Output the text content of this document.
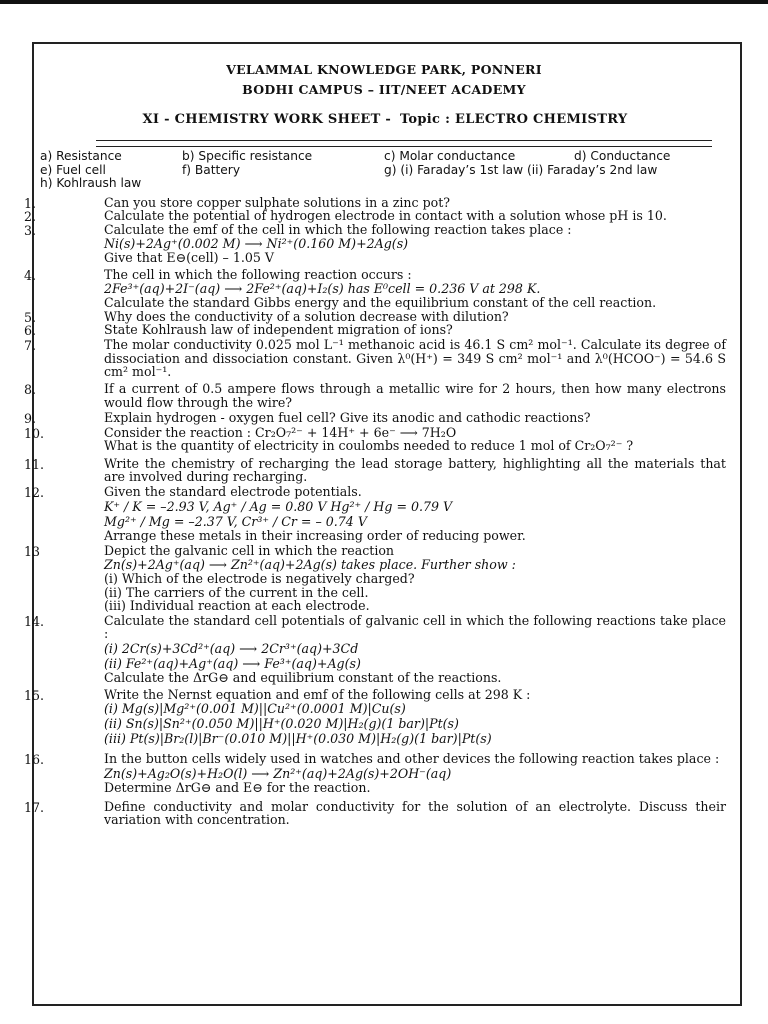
VELAMMAL KNOWLEDGE PARK, PONNERI
BODHI CAMPUS – IIT/NEET ACADEMY
XI - CHEMISTRY WORK SHEET - Topic : ELECTRO CHEMISTRY
a) Resistance	b) Specific resistance	c) Molar conductance	d) Conductance
e) Fuel cell	f) Battery	g) (i) Faraday’s 1st law (ii) Faraday’s 2nd law
h) Kohlraush law
1.	Can you store copper sulphate solutions in a zinc pot?
2.	Calculate the potential of hydrogen electrode in contact with a solution whose pH is 10.
3.	Calculate the emf of the cell in which the following reaction takes place :
Ni(s)+2Ag⁺(0.002 M) ⟶ Ni²⁺(0.160 M)+2Ag(s)
Give that E⊖(cell) – 1.05 V
4.	The cell in which the following reaction occurs :
2Fe³⁺(aq)+2I⁻(aq) ⟶ 2Fe²⁺(aq)+I₂(s) has E⁰cell = 0.236 V at 298 K.
Calculate the standard Gibbs energy and the equilibrium constant of the cell reaction.
5.	Why does the conductivity of a solution decrease with dilution?
6.	State Kohlraush law of independent migration of ions?
7.	The molar conductivity 0.025 mol L⁻¹ methanoic acid is 46.1 S cm² mol⁻¹. Calculate its degree of dissociation and dissociation constant. Given λ⁰(H⁺) = 349 S cm² mol⁻¹ and λ⁰(HCOO⁻) = 54.6 S cm² mol⁻¹.
8.	If a current of 0.5 ampere flows through a metallic wire for 2 hours, then how many electrons would flow through the wire?
9.	Explain hydrogen - oxygen fuel cell? Give its anodic and cathodic reactions?
10.	Consider the reaction : Cr₂O₇²⁻ + 14H⁺ + 6e⁻ ⟶ 7H₂O
What is the quantity of electricity in coulombs needed to reduce 1 mol of Cr₂O₇²⁻ ?
11.	Write the chemistry of recharging the lead storage battery, highlighting all the materials that are involved during recharging.
12.	Given the standard electrode potentials.
K⁺ / K = –2.93 V, Ag⁺ / Ag = 0.80 V Hg²⁺ / Hg = 0.79 V
Mg²⁺ / Mg = –2.37 V, Cr³⁺ / Cr = – 0.74 V
Arrange these metals in their increasing order of reducing power.
13	Depict the galvanic cell in which the reaction
Zn(s)+2Ag⁺(aq) ⟶ Zn²⁺(aq)+2Ag(s) takes place. Further show :
(i) Which of the electrode is negatively charged?
(ii) The carriers of the current in the cell.
(iii) Individual reaction at each electrode.
14.	Calculate the standard cell potentials of galvanic cell in which the following reactions take place :
(i) 2Cr(s)+3Cd²⁺(aq) ⟶ 2Cr³⁺(aq)+3Cd
(ii) Fe²⁺(aq)+Ag⁺(aq) ⟶ Fe³⁺(aq)+Ag(s)
Calculate the ΔrG⊖ and equilibrium constant of the reactions.
15.	Write the Nernst equation and emf of the following cells at 298 K :
(i) Mg(s)|Mg²⁺(0.001 M)||Cu²⁺(0.0001 M)|Cu(s)
(ii) Sn(s)|Sn²⁺(0.050 M)||H⁺(0.020 M)|H₂(g)(1 bar)|Pt(s)
(iii) Pt(s)|Br₂(l)|Br⁻(0.010 M)||H⁺(0.030 M)|H₂(g)(1 bar)|Pt(s)
16.	In the button cells widely used in watches and other devices the following reaction takes place :
Zn(s)+Ag₂O(s)+H₂O(l) ⟶ Zn²⁺(aq)+2Ag(s)+2OH⁻(aq)
Determine ΔrG⊖ and E⊖ for the reaction.
17.	Define conductivity and molar conductivity for the solution of an electrolyte. Discuss their variation with concentration.
